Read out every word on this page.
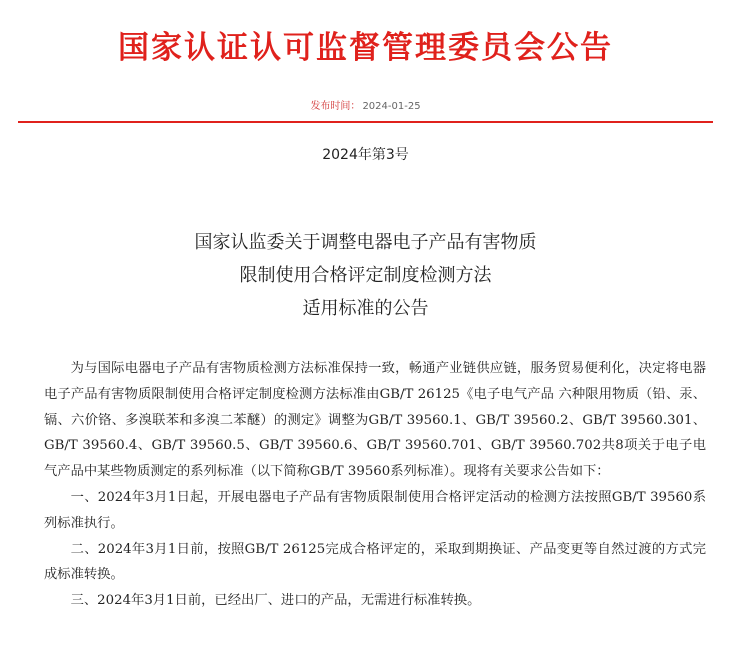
国家认证认可监督管理委员会公告
发布时间： 2024-01-25
2024年第3号
国家认监委关于调整电器电子产品有害物质
限制使用合格评定制度检测方法
适用标准的公告

为与国际电器电子产品有害物质检测方法标准保持一致，畅通产业链供应链，服务贸易便利化，决定将电器电子产品有害物质限制使用合格评定制度检测方法标准由GB/T 26125《电子电气产品 六种限用物质（铅、汞、镉、六价铬、多溴联苯和多溴二苯醚）的测定》调整为GB/T 39560.1、GB/T 39560.2、GB/T 39560.301、GB/T 39560.4、GB/T 39560.5、GB/T 39560.6、GB/T 39560.701、GB/T 39560.702共8项关于电子电气产品中某些物质测定的系列标准（以下简称GB/T 39560系列标准）。现将有关要求公告如下：

一、2024年3月1日起，开展电器电子产品有害物质限制使用合格评定活动的检测方法按照GB/T 39560系列标准执行。

二、2024年3月1日前，按照GB/T 26125完成合格评定的，采取到期换证、产品变更等自然过渡的方式完成标准转换。

三、2024年3月1日前，已经出厂、进口的产品，无需进行标准转换。
